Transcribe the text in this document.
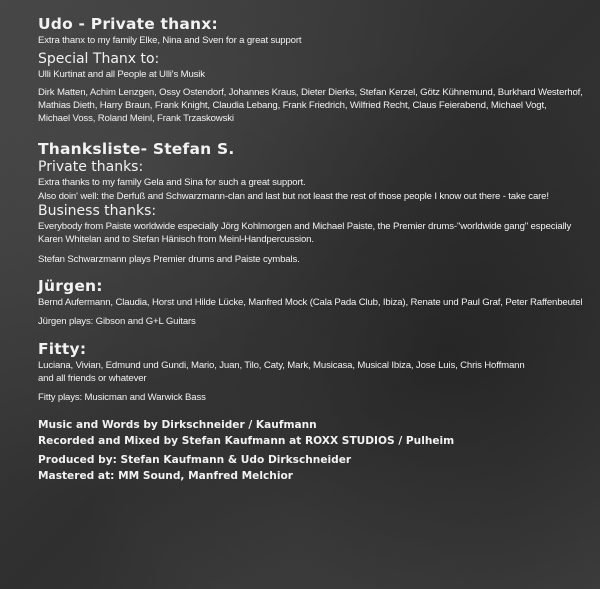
Udo - Private thanx:

Extra thanx to my family Elke, Nina and Sven for a great support

Special Thanx to:

Ulli Kurtinat and all People at Ulli's Musik

Dirk Matten, Achim Lenzgen, Ossy Ostendorf, Johannes Kraus, Dieter Dierks, Stefan Kerzel, Götz Kühnemund, Burkhard Westerhof,

Mathias Dieth, Harry Braun, Frank Knight, Claudia Lebang, Frank Friedrich, Wilfried Recht, Claus Feierabend, Michael Vogt,

Michael Voss, Roland Meinl, Frank Trzaskowski

Thanksliste- Stefan S.

Private thanks:

Extra thanks to my family Gela and Sina for such a great support.

Also doin' well: the Derfuß and Schwarzmann-clan and last but not least the rest of those people I know out there - take care!

Business thanks:

Everybody from Paiste worldwide especially Jörg Kohlmorgen and Michael Paiste, the Premier drums-"worldwide gang" especially

Karen Whitelan and to Stefan Hänisch from Meinl-Handpercussion.

Stefan Schwarzmann plays Premier drums and Paiste cymbals.

Jürgen:

Bernd Aufermann, Claudia, Horst und Hilde Lücke, Manfred Mock (Cala Pada Club, Ibiza), Renate und Paul Graf, Peter Raffenbeutel

Jürgen plays: Gibson and G+L Guitars

Fitty:

Luciana, Vivian, Edmund und Gundi, Mario, Juan, Tilo, Caty, Mark, Musicasa, Musical Ibiza, Jose Luis, Chris Hoffmann

and all friends or whatever

Fitty plays: Musicman and Warwick Bass

Music and Words by Dirkschneider / Kaufmann

Recorded and Mixed by Stefan Kaufmann at ROXX STUDIOS / Pulheim

Produced by: Stefan Kaufmann & Udo Dirkschneider

Mastered at: MM Sound, Manfred Melchior
